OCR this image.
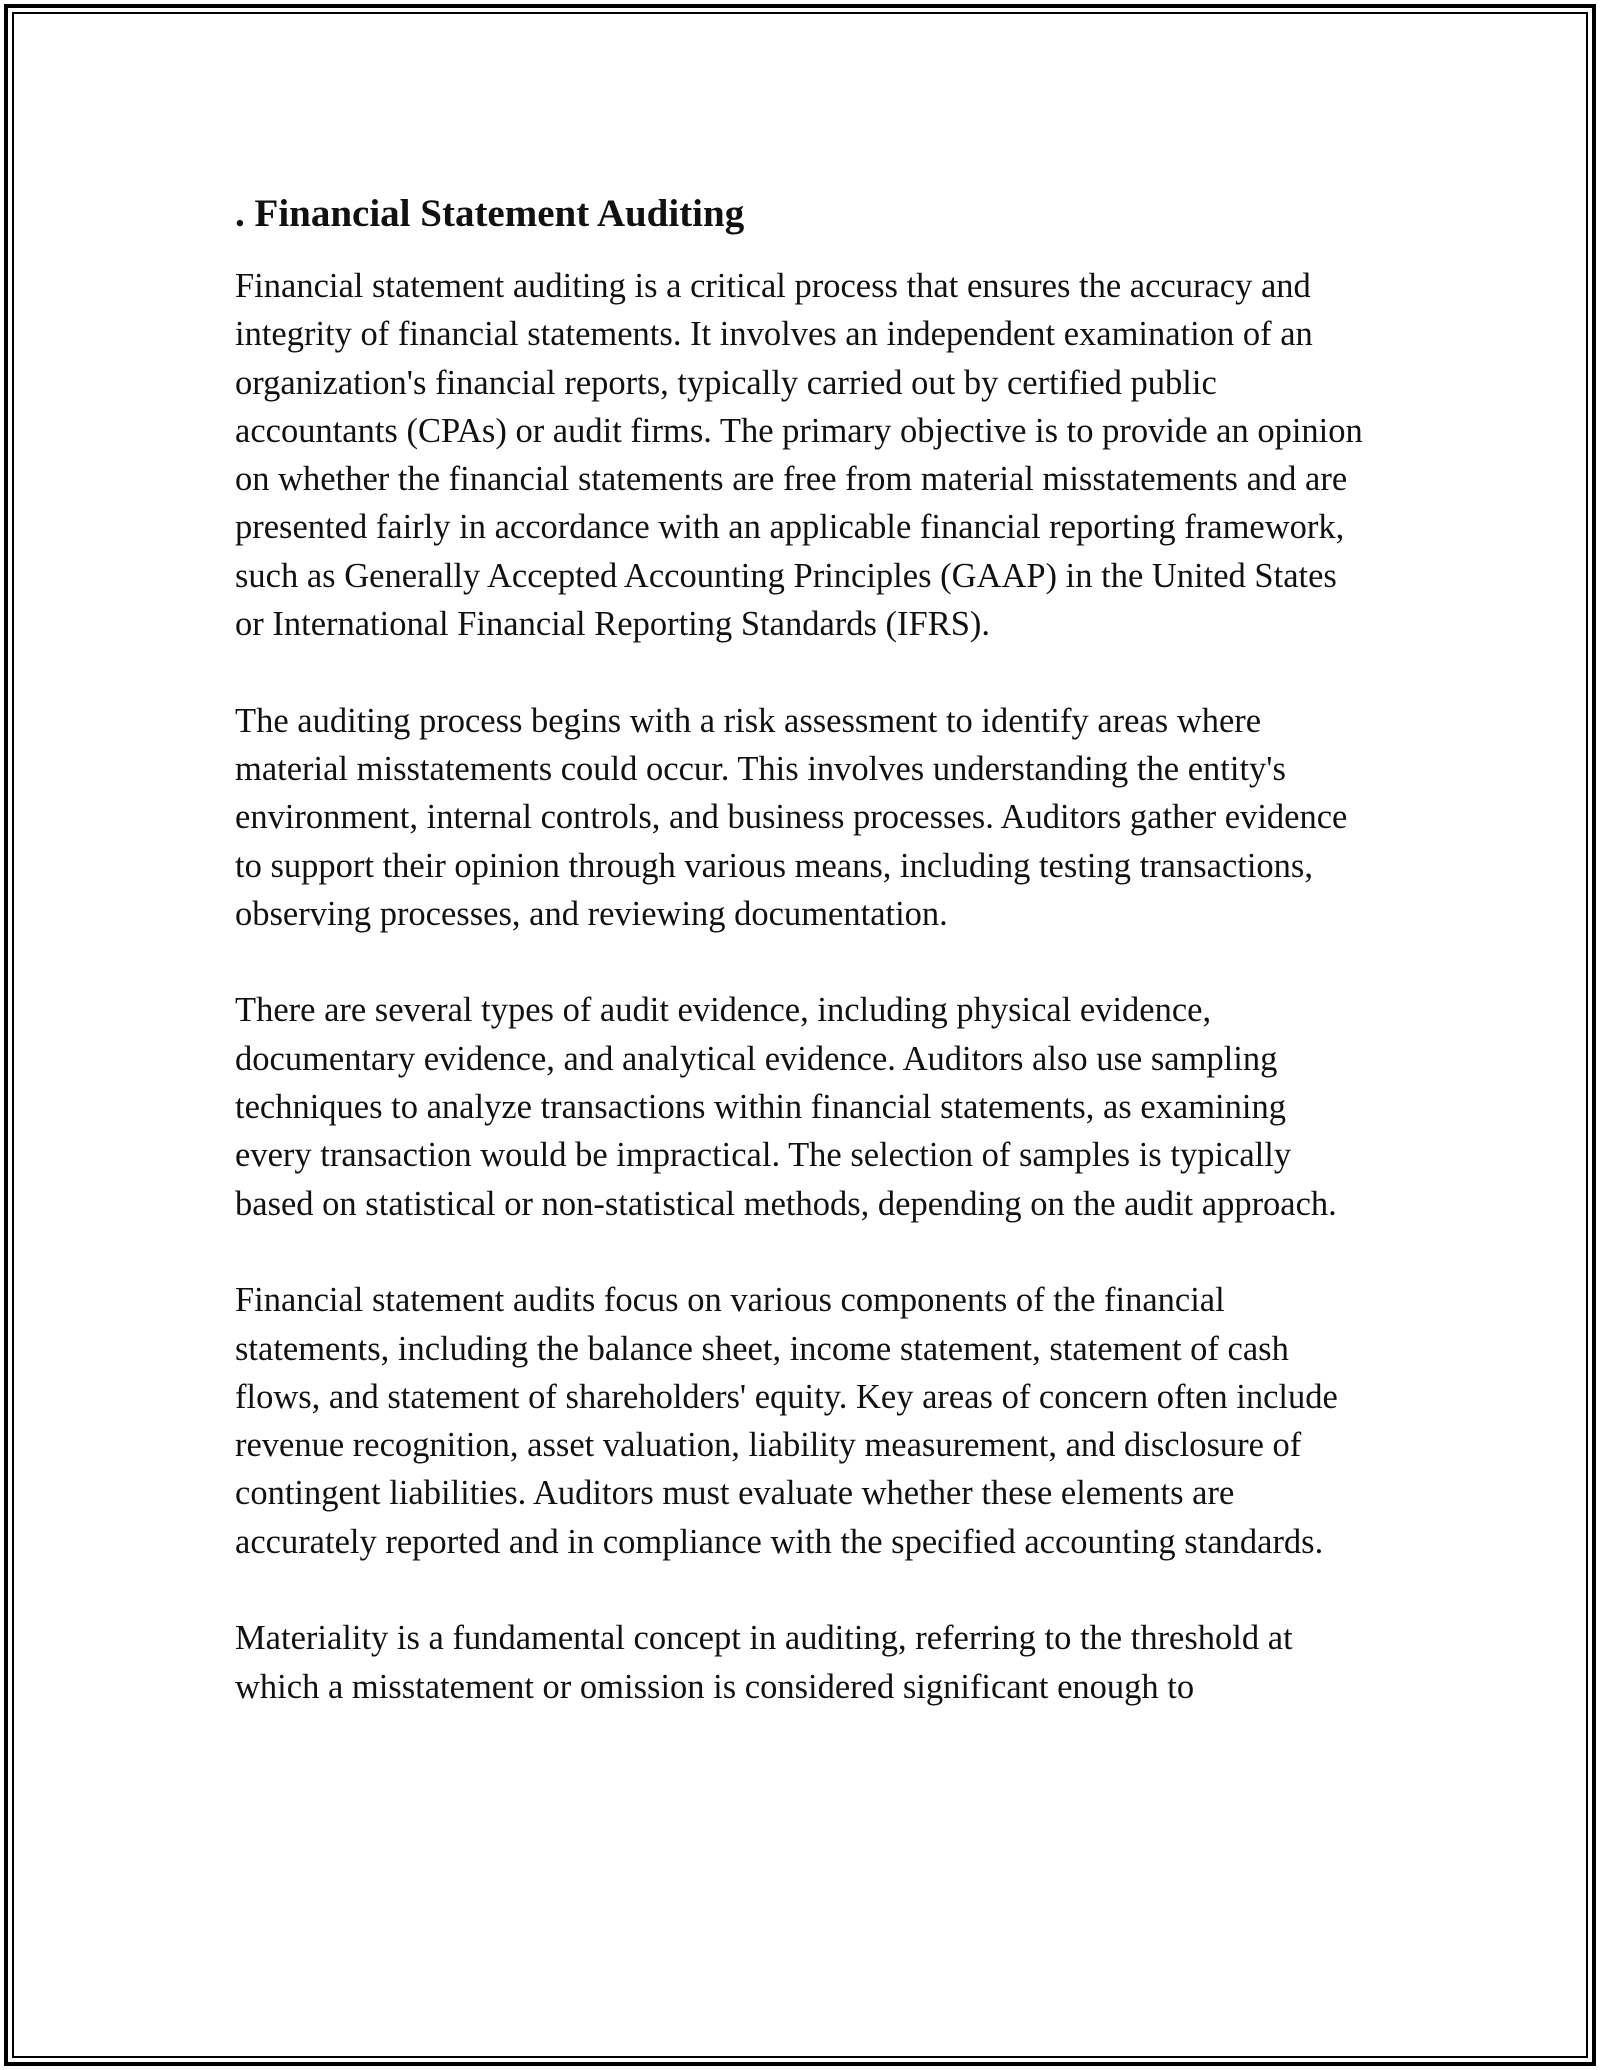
. Financial Statement Auditing

Financial statement auditing is a critical process that ensures the accuracy and integrity of financial statements. It involves an independent examination of an organization's financial reports, typically carried out by certified public accountants (CPAs) or audit firms. The primary objective is to provide an opinion on whether the financial statements are free from material misstatements and are presented fairly in accordance with an applicable financial reporting framework, such as Generally Accepted Accounting Principles (GAAP) in the United States or International Financial Reporting Standards (IFRS).

The auditing process begins with a risk assessment to identify areas where material misstatements could occur. This involves understanding the entity's environment, internal controls, and business processes. Auditors gather evidence to support their opinion through various means, including testing transactions, observing processes, and reviewing documentation.

There are several types of audit evidence, including physical evidence, documentary evidence, and analytical evidence. Auditors also use sampling techniques to analyze transactions within financial statements, as examining every transaction would be impractical. The selection of samples is typically based on statistical or non-statistical methods, depending on the audit approach.

Financial statement audits focus on various components of the financial statements, including the balance sheet, income statement, statement of cash flows, and statement of shareholders' equity. Key areas of concern often include revenue recognition, asset valuation, liability measurement, and disclosure of contingent liabilities. Auditors must evaluate whether these elements are accurately reported and in compliance with the specified accounting standards.

Materiality is a fundamental concept in auditing, referring to the threshold at which a misstatement or omission is considered significant enough to
